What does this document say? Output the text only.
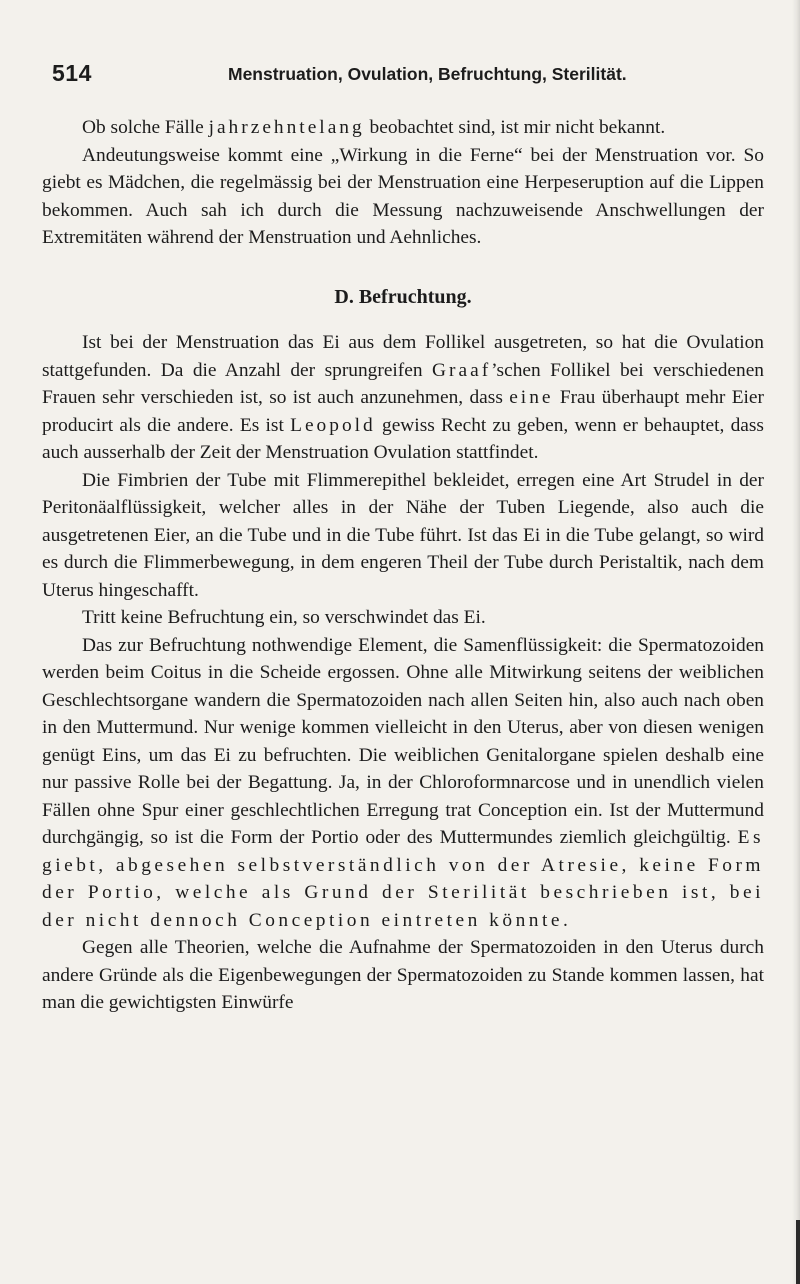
514	Menstruation, Ovulation, Befruchtung, Sterilität.

Ob solche Fälle jahrzehntelang beobachtet sind, ist mir nicht bekannt.

Andeutungsweise kommt eine „Wirkung in die Ferne“ bei der Menstruation vor. So giebt es Mädchen, die regelmässig bei der Menstruation eine Herpeseruption auf die Lippen bekommen. Auch sah ich durch die Messung nachzuweisende Anschwellungen der Extremitäten während der Menstruation und Aehnliches.

D. Befruchtung.

Ist bei der Menstruation das Ei aus dem Follikel ausgetreten, so hat die Ovulation stattgefunden. Da die Anzahl der sprungreifen Graaf’schen Follikel bei verschiedenen Frauen sehr verschieden ist, so ist auch anzunehmen, dass eine Frau überhaupt mehr Eier producirt als die andere. Es ist Leopold gewiss Recht zu geben, wenn er behauptet, dass auch ausserhalb der Zeit der Menstruation Ovulation stattfindet.

Die Fimbrien der Tube mit Flimmerepithel bekleidet, erregen eine Art Strudel in der Peritonäalflüssigkeit, welcher alles in der Nähe der Tuben Liegende, also auch die ausgetretenen Eier, an die Tube und in die Tube führt. Ist das Ei in die Tube gelangt, so wird es durch die Flimmerbewegung, in dem engeren Theil der Tube durch Peristaltik, nach dem Uterus hingeschafft.

Tritt keine Befruchtung ein, so verschwindet das Ei.

Das zur Befruchtung nothwendige Element, die Samenflüssigkeit: die Spermatozoiden werden beim Coitus in die Scheide ergossen. Ohne alle Mitwirkung seitens der weiblichen Geschlechtsorgane wandern die Spermatozoiden nach allen Seiten hin, also auch nach oben in den Muttermund. Nur wenige kommen vielleicht in den Uterus, aber von diesen wenigen genügt Eins, um das Ei zu befruchten. Die weiblichen Genitalorgane spielen deshalb eine nur passive Rolle bei der Begattung. Ja, in der Chloroformnarcose und in unendlich vielen Fällen ohne Spur einer geschlechtlichen Erregung trat Conception ein. Ist der Muttermund durchgängig, so ist die Form der Portio oder des Muttermundes ziemlich gleichgültig. Es giebt, abgesehen selbstverständlich von der Atresie, keine Form der Portio, welche als Grund der Sterilität beschrieben ist, bei der nicht dennoch Conception eintreten könnte.

Gegen alle Theorien, welche die Aufnahme der Spermatozoiden in den Uterus durch andere Gründe als die Eigenbewegungen der Spermatozoiden zu Stande kommen lassen, hat man die gewichtigsten Einwürfe
